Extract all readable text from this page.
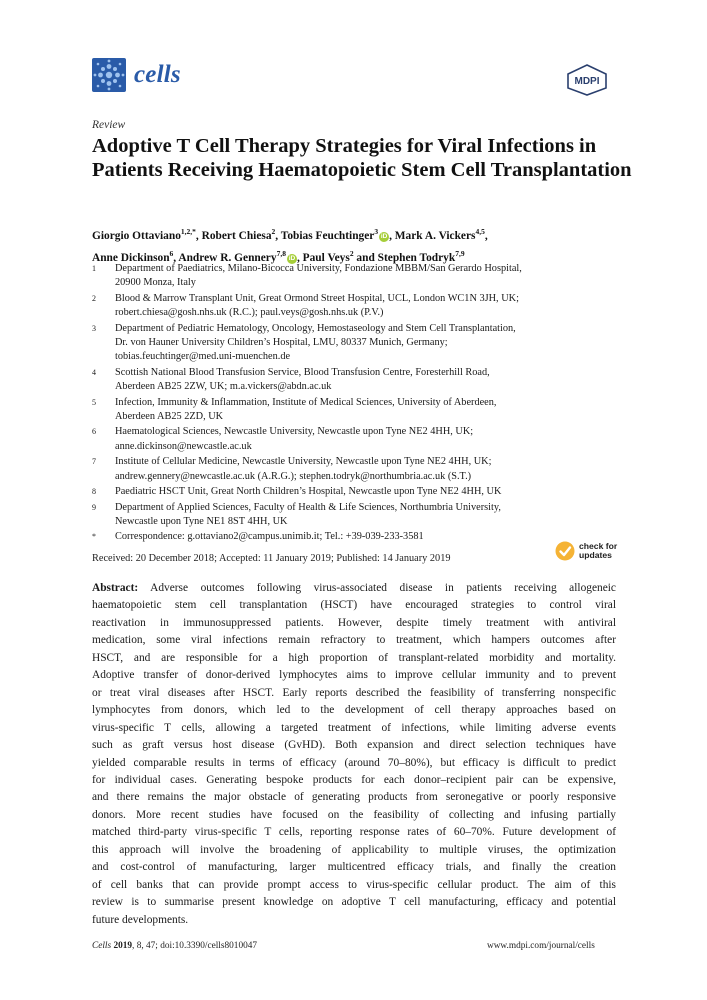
cells	MDPI
Review
Adoptive T Cell Therapy Strategies for Viral Infections in Patients Receiving Haematopoietic Stem Cell Transplantation
Giorgio Ottaviano$^{1,2,*}$, Robert Chiesa$^2$, Tobias Feuchtinger$^3$iD , Mark A. Vickers$^{4,5}$,
Anne Dickinson$^6$, Andrew R. Gennery$^{7,8}$iD , Paul Veys$^2$ and Stephen Todryk$^{7,9}$
1	Department of Paediatrics, Milano-Bicocca University, Fondazione MBBM/San Gerardo Hospital,
20900 Monza, Italy
2	Blood & Marrow Transplant Unit, Great Ormond Street Hospital, UCL, London WC1N 3JH, UK;
robert.chiesa@gosh.nhs.uk (R.C.); paul.veys@gosh.nhs.uk (P.V.)
3	Department of Pediatric Hematology, Oncology, Hemostaseology and Stem Cell Transplantation,
Dr. von Hauner University Children’s Hospital, LMU, 80337 Munich, Germany;
tobias.feuchtinger@med.uni-muenchen.de
4	Scottish National Blood Transfusion Service, Blood Transfusion Centre, Foresterhill Road,
Aberdeen AB25 2ZW, UK; m.a.vickers@abdn.ac.uk
5	Infection, Immunity & Inflammation, Institute of Medical Sciences, University of Aberdeen,
Aberdeen AB25 2ZD, UK
6	Haematological Sciences, Newcastle University, Newcastle upon Tyne NE2 4HH, UK;
anne.dickinson@newcastle.ac.uk
7	Institute of Cellular Medicine, Newcastle University, Newcastle upon Tyne NE2 4HH, UK;
andrew.gennery@newcastle.ac.uk (A.R.G.); stephen.todryk@northumbria.ac.uk (S.T.)
8	Paediatric HSCT Unit, Great North Children’s Hospital, Newcastle upon Tyne NE2 4HH, UK
9	Department of Applied Sciences, Faculty of Health & Life Sciences, Northumbria University,
Newcastle upon Tyne NE1 8ST 4HH, UK
*	Correspondence: g.ottaviano2@campus.unimib.it; Tel.: +39-039-233-3581
Received: 20 December 2018; Accepted: 11 January 2019; Published: 14 January 2019
check for
updates
Abstract: Adverse outcomes following virus-associated disease in patients receiving allogeneic
haematopoietic stem cell transplantation (HSCT) have encouraged strategies to control viral
reactivation in immunosuppressed patients. However, despite timely treatment with antiviral
medication, some viral infections remain refractory to treatment, which hampers outcomes after
HSCT, and are responsible for a high proportion of transplant-related morbidity and mortality.
Adoptive transfer of donor-derived lymphocytes aims to improve cellular immunity and to prevent
or treat viral diseases after HSCT. Early reports described the feasibility of transferring nonspecific
lymphocytes from donors, which led to the development of cell therapy approaches based on
virus-specific T cells, allowing a targeted treatment of infections, while limiting adverse events
such as graft versus host disease (GvHD). Both expansion and direct selection techniques have
yielded comparable results in terms of efficacy (around 70–80%), but efficacy is difficult to predict
for individual cases. Generating bespoke products for each donor–recipient pair can be expensive,
and there remains the major obstacle of generating products from seronegative or poorly responsive
donors. More recent studies have focused on the feasibility of collecting and infusing partially
matched third-party virus-specific T cells, reporting response rates of 60–70%. Future development of
this approach will involve the broadening of applicability to multiple viruses, the optimization
and cost-control of manufacturing, larger multicentred efficacy trials, and finally the creation
of cell banks that can provide prompt access to virus-specific cellular product. The aim of this
review is to summarise present knowledge on adoptive T cell manufacturing, efficacy and potential
future developments.
Cells 2019, 8, 47; doi:10.3390/cells8010047	www.mdpi.com/journal/cells
